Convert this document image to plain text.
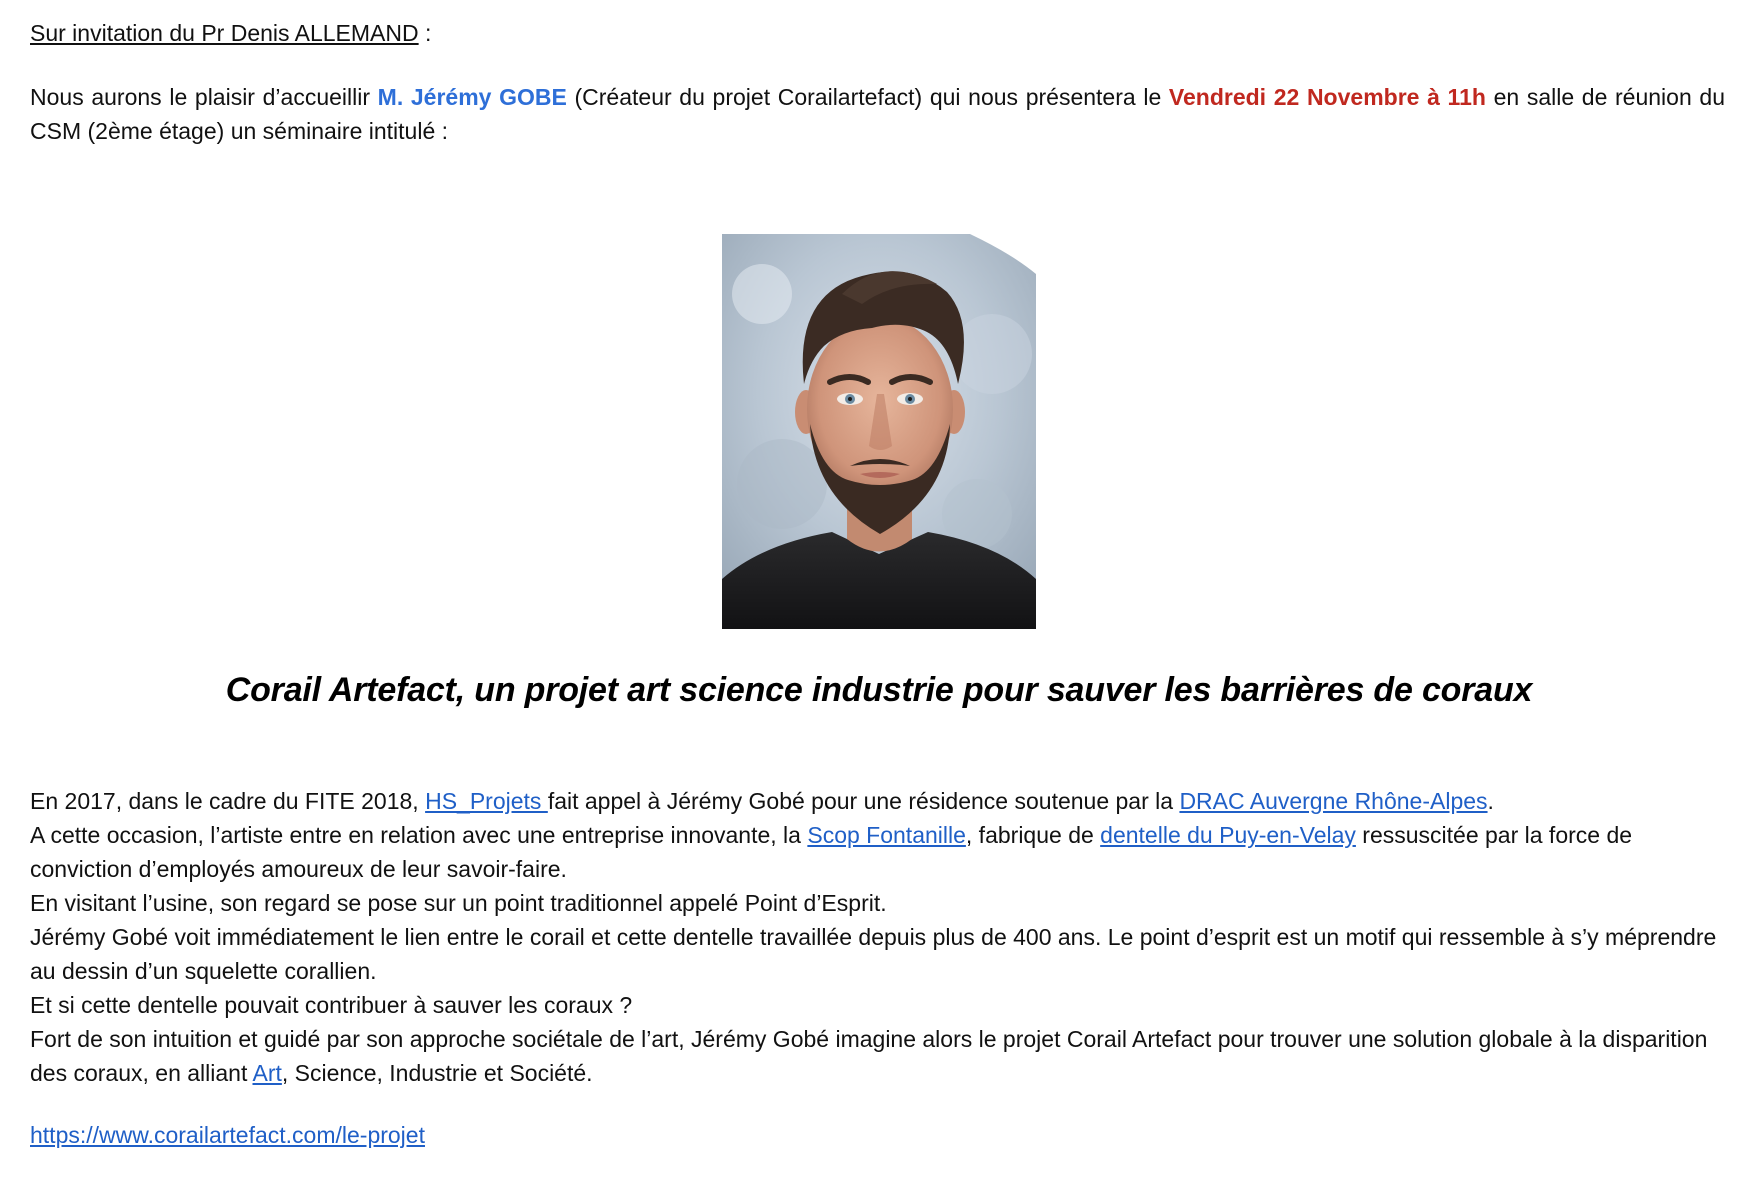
Sur invitation du Pr Denis ALLEMAND :

Nous aurons le plaisir d’accueillir M. Jérémy GOBE (Créateur du projet Corailartefact) qui nous présentera le Vendredi 22 Novembre à 11h en salle de réunion du CSM (2ème étage) un séminaire intitulé :

Corail Artefact, un projet art science industrie pour sauver les barrières de coraux

En 2017, dans le cadre du FITE 2018, HS_Projets fait appel à Jérémy Gobé pour une résidence soutenue par la DRAC Auvergne Rhône-Alpes.

A cette occasion, l’artiste entre en relation avec une entreprise innovante, la Scop Fontanille, fabrique de dentelle du Puy-en-Velay ressuscitée par la force de conviction d’employés amoureux de leur savoir-faire.

En visitant l’usine, son regard se pose sur un point traditionnel appelé Point d’Esprit.

Jérémy Gobé voit immédiatement le lien entre le corail et cette dentelle travaillée depuis plus de 400 ans. Le point d’esprit est un motif qui ressemble à s’y méprendre au dessin d’un squelette corallien.

Et si cette dentelle pouvait contribuer à sauver les coraux ?

Fort de son intuition et guidé par son approche sociétale de l’art, Jérémy Gobé imagine alors le projet Corail Artefact pour trouver une solution globale à la disparition des coraux, en alliant Art, Science, Industrie et Société.

https://www.corailartefact.com/le-projet
